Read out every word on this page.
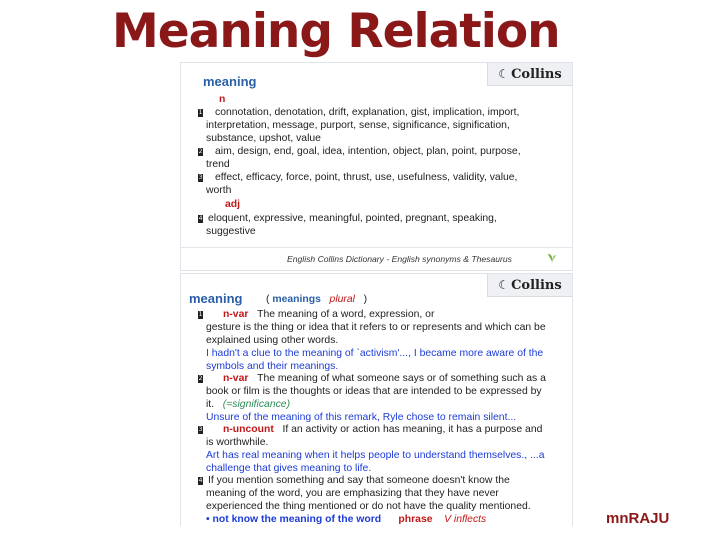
Meaning Relation
☾ Collins
meaning
n
1 connotation, denotation, drift, explanation, gist, implication, import,
interpretation, message, purport, sense, significance, signification,
substance, upshot, value
2 aim, design, end, goal, idea, intention, object, plan, point, purpose,
trend
3 effect, efficacy, force, point, thrust, use, usefulness, validity, value,
worth
adj
4 eloquent, expressive, meaningful, pointed, pregnant, speaking,
suggestive
English Collins Dictionary - English synonyms & Thesaurus
☾ Collins
meaning ( meanings plural )
1 n-var The meaning of a word, expression, or
gesture is the thing or idea that it refers to or represents and which can be
explained using other words.
I hadn't a clue to the meaning of `activism'..., I became more aware of the
symbols and their meanings.
2 n-var The meaning of what someone says or of something such as a
book or film is the thoughts or ideas that are intended to be expressed by
it. (=significance)
Unsure of the meaning of this remark, Ryle chose to remain silent...
3 n-uncount If an activity or action has meaning, it has a purpose and
is worthwhile.
Art has real meaning when it helps people to understand themselves., ...a
challenge that gives meaning to life.
4 If you mention something and say that someone doesn't know the
meaning of the word, you are emphasizing that they have never
experienced the thing mentioned or do not have the quality mentioned.
• not know the meaning of the word phrase V inflects	mnRAJU
